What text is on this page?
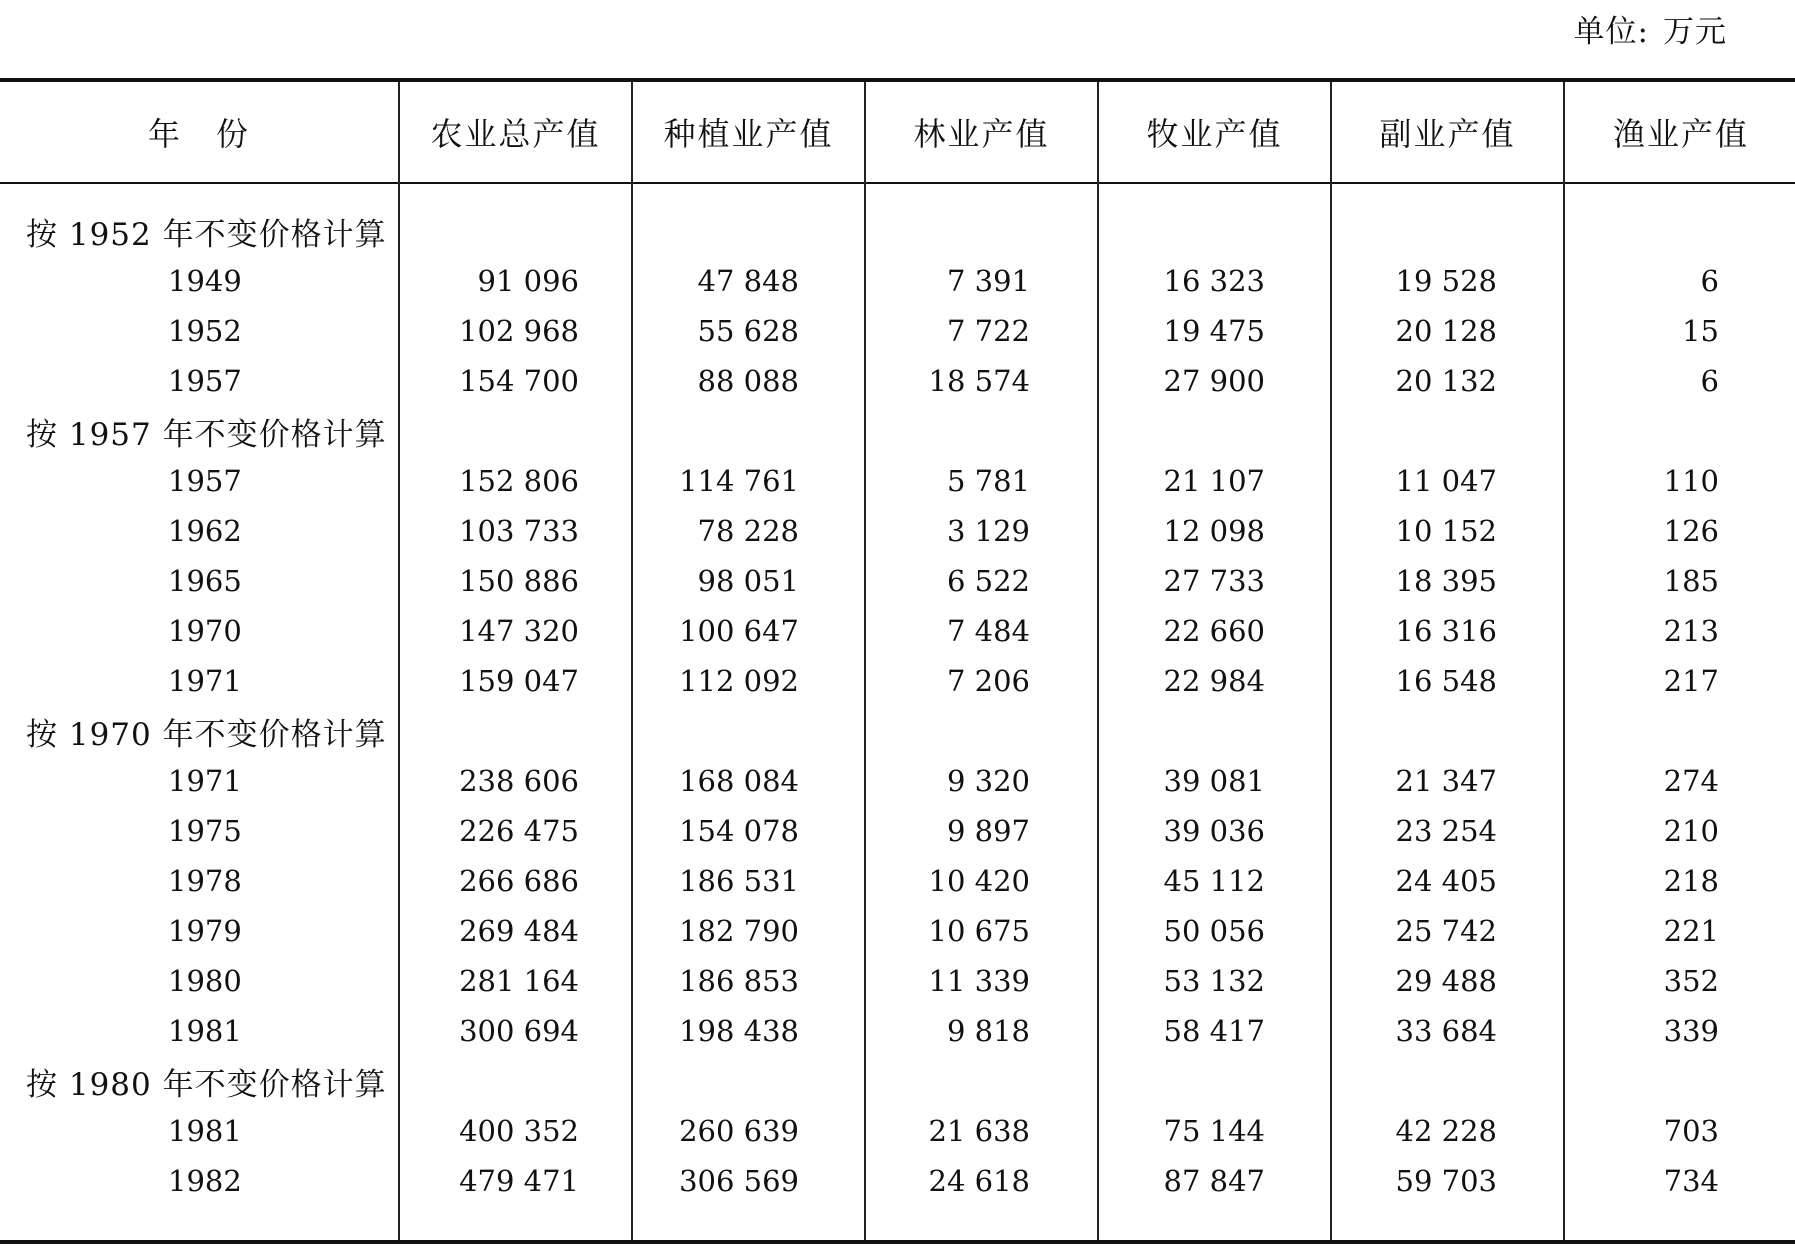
单位: 万元
年　份	农业总产值	种植业产值	林业产值	牧业产值	副业产值	渔业产值
按 1952 年不变价格计算						
1949	91 096	47 848	7 391	16 323	19 528	6
1952	102 968	55 628	7 722	19 475	20 128	15
1957	154 700	88 088	18 574	27 900	20 132	6
按 1957 年不变价格计算						
1957	152 806	114 761	5 781	21 107	11 047	110
1962	103 733	78 228	3 129	12 098	10 152	126
1965	150 886	98 051	6 522	27 733	18 395	185
1970	147 320	100 647	7 484	22 660	16 316	213
1971	159 047	112 092	7 206	22 984	16 548	217
按 1970 年不变价格计算						
1971	238 606	168 084	9 320	39 081	21 347	274
1975	226 475	154 078	9 897	39 036	23 254	210
1978	266 686	186 531	10 420	45 112	24 405	218
1979	269 484	182 790	10 675	50 056	25 742	221
1980	281 164	186 853	11 339	53 132	29 488	352
1981	300 694	198 438	9 818	58 417	33 684	339
按 1980 年不变价格计算						
1981	400 352	260 639	21 638	75 144	42 228	703
1982	479 471	306 569	24 618	87 847	59 703	734
